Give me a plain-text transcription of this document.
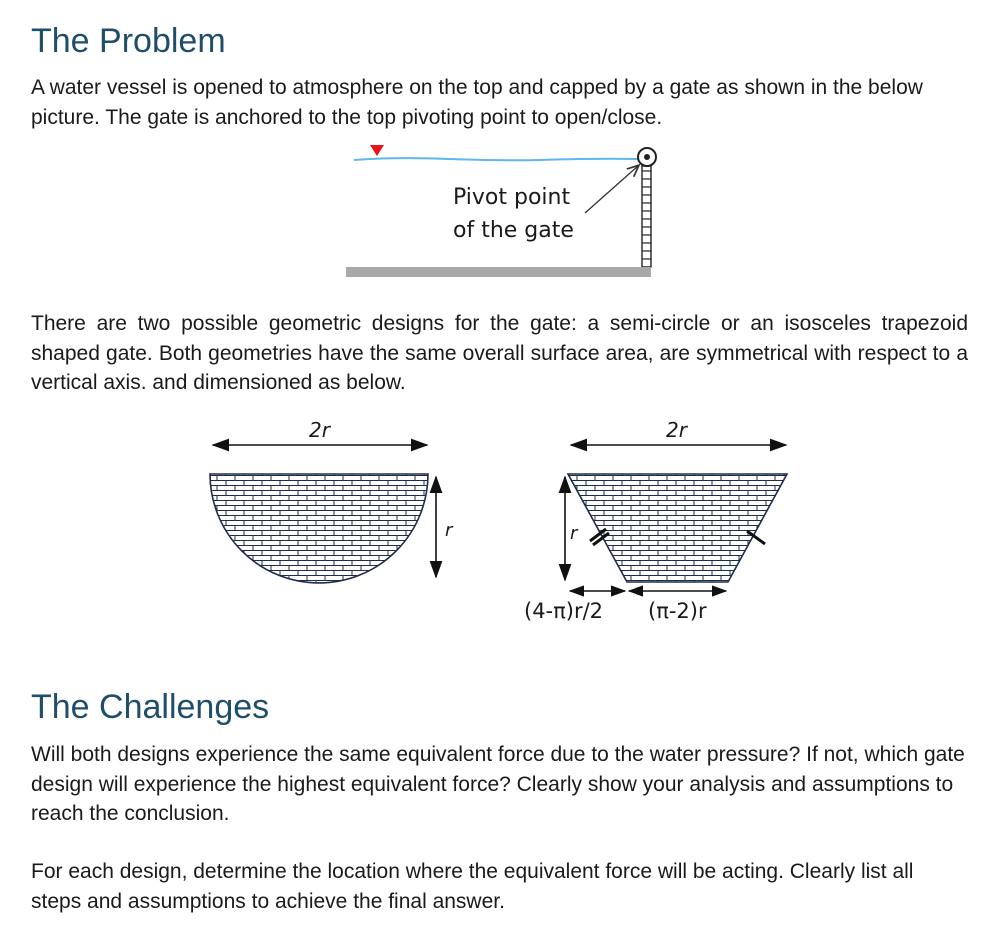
The Problem

A water vessel is opened to atmosphere on the top and capped by a gate as shown in the below picture. The gate is anchored to the top pivoting point to open/close.

Pivot point
of the gate

There are two possible geometric designs for the gate: a semi-circle or an isosceles trapezoid shaped gate. Both geometries have the same overall surface area, are symmetrical with respect to a vertical axis. and dimensioned as below.

2r
r
2r
r
(4-π)r/2 (π-2)r
The Challenges

Will both designs experience the same equivalent force due to the water pressure? If not, which gate design will experience the highest equivalent force? Clearly show your analysis and assumptions to reach the conclusion.

For each design, determine the location where the equivalent force will be acting. Clearly list all steps and assumptions to achieve the final answer.
